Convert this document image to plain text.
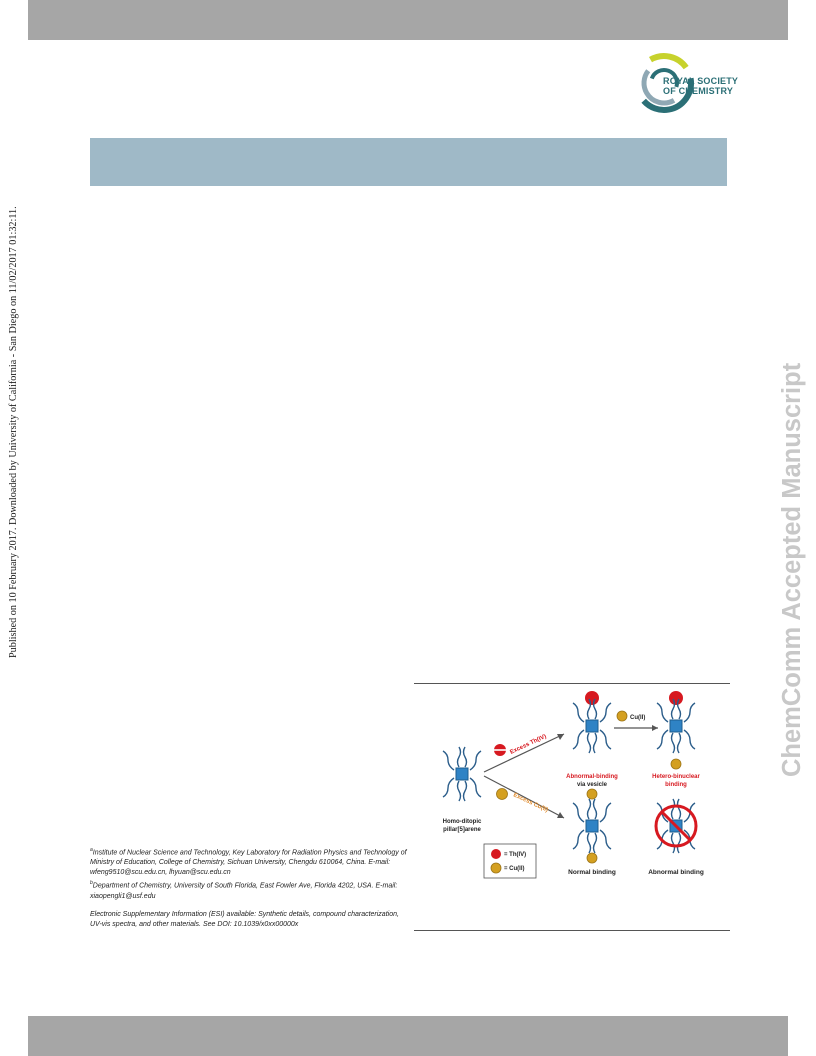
ROYAL SOCIETY
OF CHEMISTRY
Published on 10 February 2017. Downloaded by University of California - San Diego on 11/02/2017 01:32:11.	ChemComm Accepted Manuscript

$^a$Institute of Nuclear Science and Technology, Key Laboratory for Radiation Physics and Technology of Ministry of Education, College of Chemistry, Sichuan University, Chengdu 610064, China. E-mail: wfeng9510@scu.edu.cn, lhyuan@scu.edu.cn

$^b$Department of Chemistry, University of South Florida, East Fowler Ave, Florida 4202, USA. E-mail: xiaopengli1@usf.edu

Electronic Supplementary Information (ESI) available: Synthetic details, compound characterization, UV-vis spectra, and other materials. See DOI: 10.1039/x0xx00000x

Homo-ditopic
pillar[5]arene
Excess Th(IV)
Excess Cu(II)
Abnormal-binding
via vesicle
Cu(II)
Hetero-binuclear
binding
Normal binding	Abnormal binding
= Th(IV)
= Cu(II)
